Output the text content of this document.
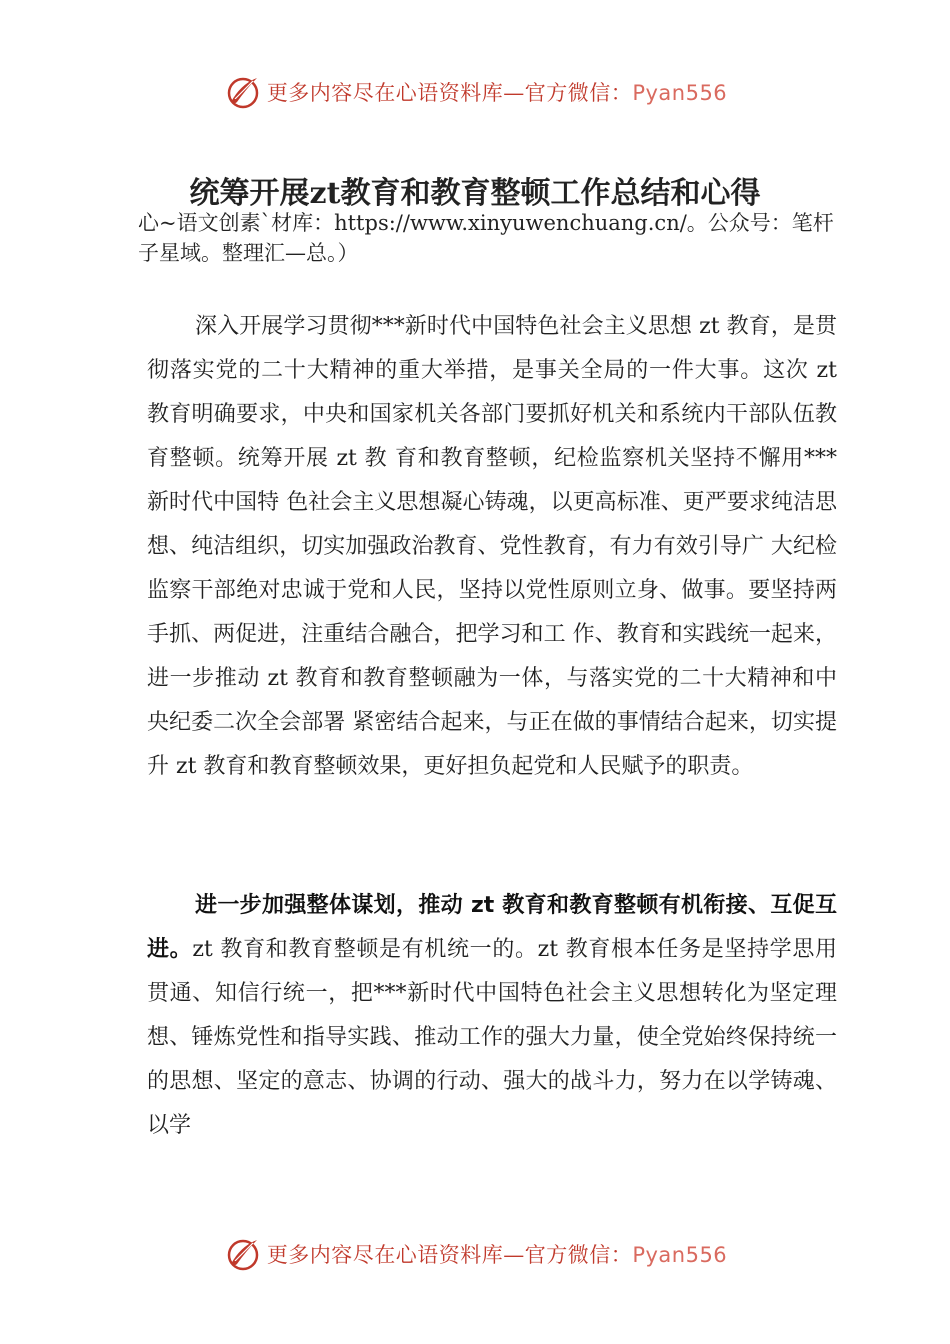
更多内容尽在心语资料库—官方微信：Pyan556
统筹开展zt教育和教育整顿工作总结和心得

心~语文创素`材库：https://www.xinyuwenchuang.cn/。公众号：笔杆子星域。整理汇—总。）

深入开展学习贯彻***新时代中国特色社会主义思想 zt 教育，是贯彻落实党的二十大精神的重大举措，是事关全局的一件大事。这次 zt 教育明确要求，中央和国家机关各部门要抓好机关和系统内干部队伍教育整顿。统筹开展 zt 教 育和教育整顿，纪检监察机关坚持不懈用***新时代中国特 色社会主义思想凝心铸魂，以更高标准、更严要求纯洁思想、纯洁组织，切实加强政治教育、党性教育，有力有效引导广 大纪检监察干部绝对忠诚于党和人民，坚持以党性原则立身、做事。要坚持两手抓、两促进，注重结合融合，把学习和工 作、教育和实践统一起来，进一步推动 zt 教育和教育整顿融为一体，与落实党的二十大精神和中央纪委二次全会部署 紧密结合起来，与正在做的事情结合起来，切实提升 zt 教育和教育整顿效果，更好担负起党和人民赋予的职责。

进一步加强整体谋划，推动 zt 教育和教育整顿有机衔接、互促互进。zt 教育和教育整顿是有机统一的。zt 教育根本任务是坚持学思用贯通、知信行统一，把***新时代中国特色社会主义思想转化为坚定理想、锤炼党性和指导实践、推动工作的强大力量，使全党始终保持统一的思想、坚定的意志、协调的行动、强大的战斗力，努力在以学铸魂、以学

更多内容尽在心语资料库—官方微信：Pyan556
